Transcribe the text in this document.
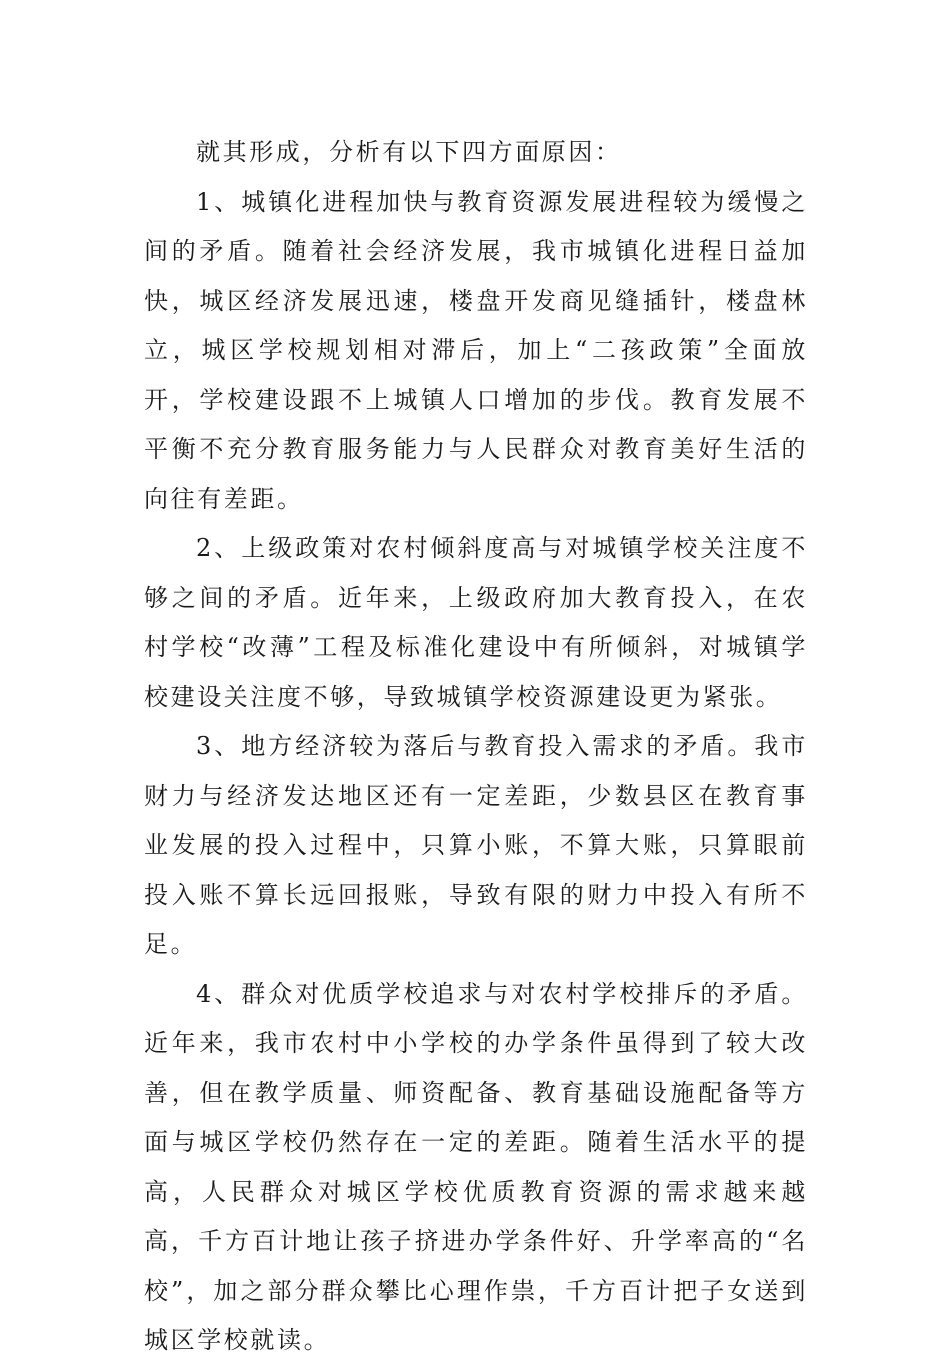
就其形成，分析有以下四方面原因：

1、城镇化进程加快与教育资源发展进程较为缓慢之间的矛盾。随着社会经济发展，我市城镇化进程日益加快，城区经济发展迅速，楼盘开发商见缝插针，楼盘林立，城区学校规划相对滞后，加上“二孩政策”全面放开，学校建设跟不上城镇人口增加的步伐。教育发展不平衡不充分教育服务能力与人民群众对教育美好生活的向往有差距。

2、上级政策对农村倾斜度高与对城镇学校关注度不够之间的矛盾。近年来，上级政府加大教育投入，在农村学校“改薄”工程及标准化建设中有所倾斜，对城镇学校建设关注度不够，导致城镇学校资源建设更为紧张。

3、地方经济较为落后与教育投入需求的矛盾。我市财力与经济发达地区还有一定差距，少数县区在教育事业发展的投入过程中，只算小账，不算大账，只算眼前投入账不算长远回报账，导致有限的财力中投入有所不足。

4、群众对优质学校追求与对农村学校排斥的矛盾。近年来，我市农村中小学校的办学条件虽得到了较大改善，但在教学质量、师资配备、教育基础设施配备等方面与城区学校仍然存在一定的差距。随着生活水平的提高，人民群众对城区学校优质教育资源的需求越来越高，千方百计地让孩子挤进办学条件好、升学率高的“名校”，加之部分群众攀比心理作祟，千方百计把子女送到城区学校就读。
